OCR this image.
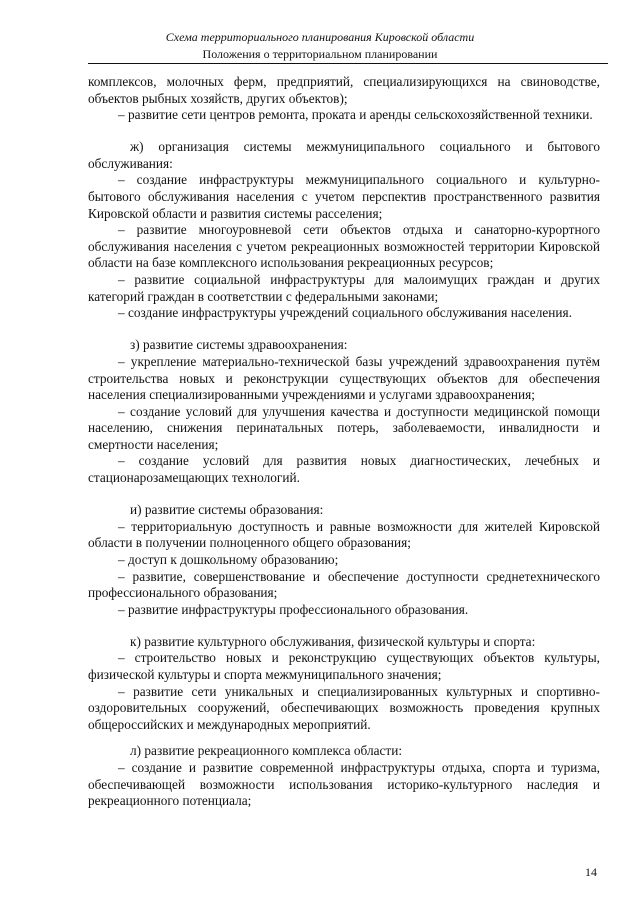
Схема территориального планирования Кировской области
Положения о территориальном планировании
комплексов, молочных ферм, предприятий, специализирующихся на свиноводстве, объектов рыбных хозяйств, других объектов);
– развитие сети центров ремонта, проката и аренды сельскохозяйственной техники.
ж) организация системы межмуниципального социального и бытового обслуживания:
– создание инфраструктуры межмуниципального социального и культурно-бытового обслуживания населения с учетом перспектив пространственного развития Кировской области и развития системы расселения;
– развитие многоуровневой сети объектов отдыха и санаторно-курортного обслуживания населения с учетом рекреационных возможностей территории Кировской области на базе комплексного использования рекреационных ресурсов;
– развитие социальной инфраструктуры для малоимущих граждан и других категорий граждан в соответствии с федеральными законами;
– создание инфраструктуры учреждений социального обслуживания населения.
з) развитие системы здравоохранения:
– укрепление материально-технической базы учреждений здравоохранения путём строительства новых и реконструкции существующих объектов для обеспечения населения специализированными учреждениями и услугами здравоохранения;
– создание условий для улучшения качества и доступности медицинской помощи населению, снижения перинатальных потерь, заболеваемости, инвалидности и смертности населения;
– создание условий для развития новых диагностических, лечебных и стационарозамещающих технологий.
и) развитие системы образования:
– территориальную доступность и равные возможности для жителей Кировской области в получении полноценного общего образования;
– доступ к дошкольному образованию;
– развитие, совершенствование и обеспечение доступности среднетехнического профессионального образования;
– развитие инфраструктуры профессионального образования.
к) развитие культурного обслуживания, физической культуры и спорта:
– строительство новых и реконструкцию существующих объектов культуры, физической культуры и спорта межмуниципального значения;
– развитие сети уникальных и специализированных культурных и спортивно-оздоровительных сооружений, обеспечивающих возможность проведения крупных общероссийских и международных мероприятий.
л) развитие рекреационного комплекса области:
– создание и развитие современной инфраструктуры отдыха, спорта и туризма, обеспечивающей возможности использования историко-культурного наследия и рекреационного потенциала;
14
